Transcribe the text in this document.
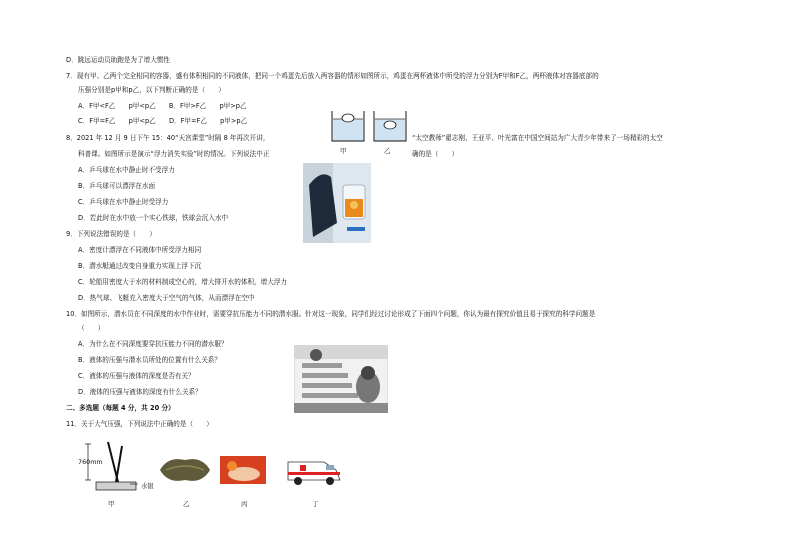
D．跳远运动员助跑是为了增大惯性
7．现有甲、乙两个完全相同的容器，盛有体积相同的不同液体，把同一个鸡蛋先后放入两容器的情形如图所示，鸡蛋在两杯液体中所受的浮力分别为F甲和F乙，两杯液体对容器底部的
压强分别是p甲和p乙，以下判断正确的是（　　）
A．F甲<F乙　　p甲<p乙　　B．F甲>F乙　　p甲>p乙
C．F甲=F乙　　p甲<p乙　　D．F甲=F乙　　p甲>p乙
甲	乙
8．2021 年 12 月 9 日下午 15：40“天宫课堂”时隔 8 年再次开讲，	“太空教师”翟志刚、王亚平、叶光富在中国空间站为广大青少年带来了一场精彩的太空
科普课。如图所示是演示“浮力消失实验”时的情况。下列说法中正	确的是（　　）
A．乒乓球在水中静止时不受浮力
B．乒乓球可以漂浮在水面
C．乒乓球在水中静止时受浮力
D．若此时在水中放一个实心铁球，铁球会沉入水中
9．下列说法错误的是（　　）
A．密度计漂浮在不同液体中所受浮力相同
B．潜水艇通过改变自身重力实现上浮下沉
C．轮船用密度大于水的材料制成空心的，增大排开水的体积，增大浮力
D．热气球、飞艇充入密度大于空气的气体，从而漂浮在空中
10．如图所示，潜水员在不同深度的水中作业时，需要穿抗压能力不同的潜水服。针对这一现象，同学们经过讨论形成了下面四个问题，你认为最有探究价值且易于探究的科学问题是
（　　）
A．为什么在不同深度要穿抗压能力不同的潜水服？
B．液体的压强与潜水员所处的位置有什么关系？
C．液体的压强与液体的深度是否有关？
D．液体的压强与液体的深度有什么关系？
二、多选题（每题 4 分，共 20 分）
11．关于大气压强，下列说法中正确的是（　　）
760mm
水银
甲	乙	丙	丁
